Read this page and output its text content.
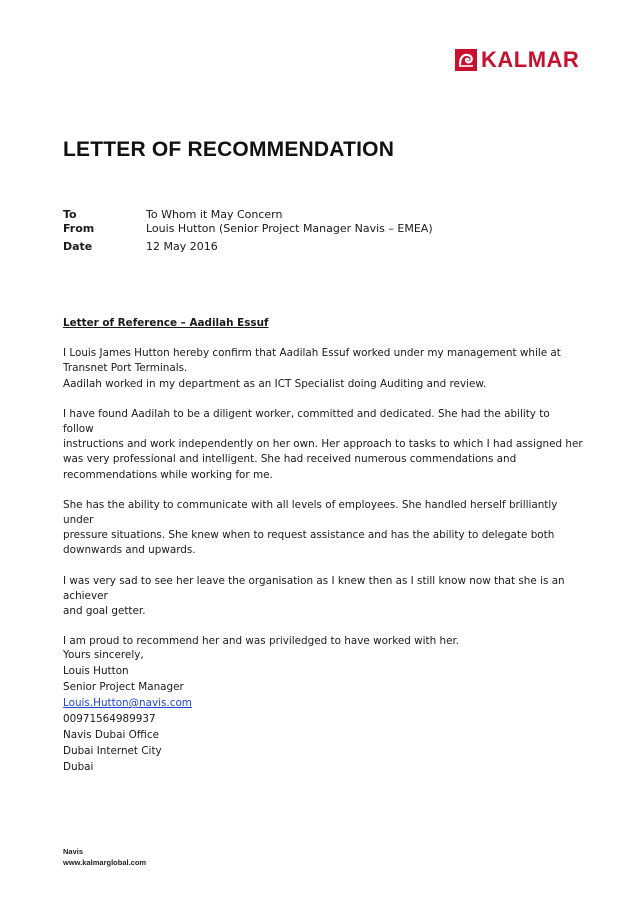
KALMAR
LETTER OF RECOMMENDATION
To	To Whom it May Concern
From	Louis Hutton (Senior Project Manager Navis – EMEA)
Date	12 May 2016
Letter of Reference – Aadilah Essuf

I Louis James Hutton hereby confirm that Aadilah Essuf worked under my management while at
Transnet Port Terminals.
Aadilah worked in my department as an ICT Specialist doing Auditing and review.

I have found Aadilah to be a diligent worker, committed and dedicated. She had the ability to follow
instructions and work independently on her own. Her approach to tasks to which I had assigned her
was very professional and intelligent. She had received numerous commendations and
recommendations while working for me.

She has the ability to communicate with all levels of employees. She handled herself brilliantly under
pressure situations. She knew when to request assistance and has the ability to delegate both
downwards and upwards.

I was very sad to see her leave the organisation as I knew then as I still know now that she is an achiever
and goal getter.

I am proud to recommend her and was priviledged to have worked with her.

Yours sincerely,
Louis Hutton
Senior Project Manager
Louis.Hutton@navis.com
00971564989937
Navis Dubai Office
Dubai Internet City
Dubai
Navis
www.kalmarglobal.com
